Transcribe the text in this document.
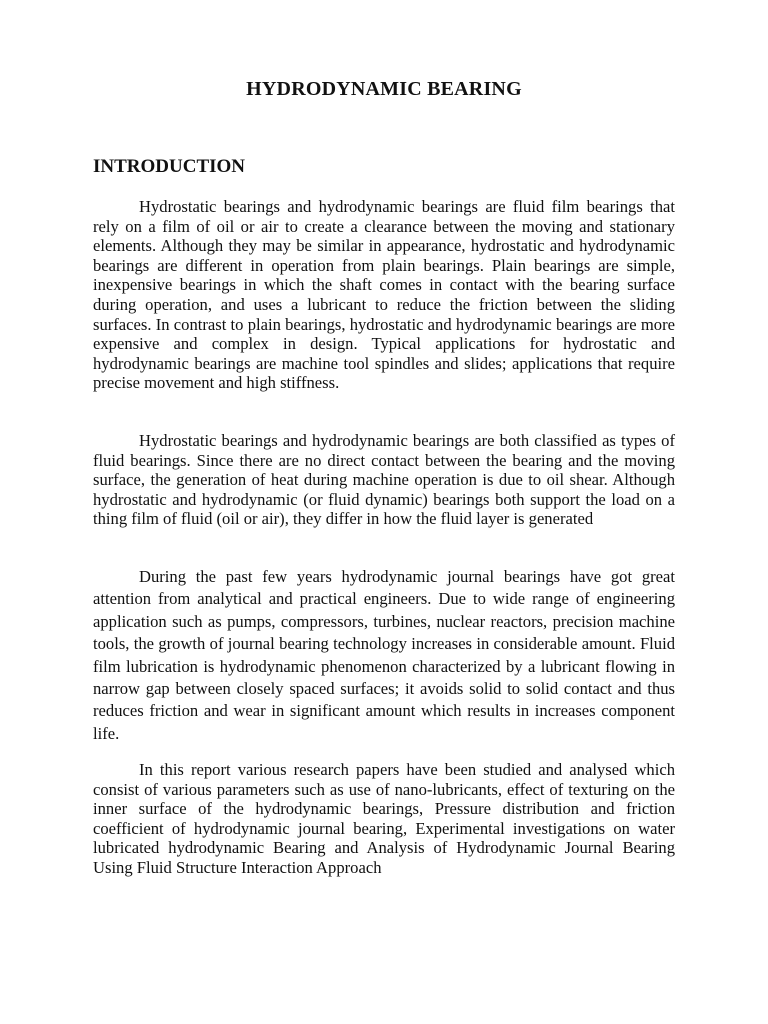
HYDRODYNAMIC BEARING
INTRODUCTION

Hydrostatic bearings and hydrodynamic bearings are fluid film bearings that rely on a film of oil or air to create a clearance between the moving and stationary elements. Although they may be similar in appearance, hydrostatic and hydrodynamic bearings are different in operation from plain bearings. Plain bearings are simple, inexpensive bearings in which the shaft comes in contact with the bearing surface during operation, and uses a lubricant to reduce the friction between the sliding surfaces. In contrast to plain bearings, hydrostatic and hydrodynamic bearings are more expensive and complex in design. Typical applications for hydrostatic and hydrodynamic bearings are machine tool spindles and slides; applications that require precise movement and high stiffness.

Hydrostatic bearings and hydrodynamic bearings are both classified as types of fluid bearings. Since there are no direct contact between the bearing and the moving surface, the generation of heat during machine operation is due to oil shear. Although hydrostatic and hydrodynamic (or fluid dynamic) bearings both support the load on a thing film of fluid (oil or air), they differ in how the fluid layer is generated

During the past few years hydrodynamic journal bearings have got great attention from analytical and practical engineers. Due to wide range of engineering application such as pumps, compressors, turbines, nuclear reactors, precision machine tools, the growth of journal bearing technology increases in considerable amount. Fluid film lubrication is hydrodynamic phenomenon characterized by a lubricant flowing in narrow gap between closely spaced surfaces; it avoids solid to solid contact and thus reduces friction and wear in significant amount which results in increases component life.

In this report various research papers have been studied and analysed which consist of various parameters such as use of nano-lubricants, effect of texturing on the inner surface of the hydrodynamic bearings, Pressure distribution and friction coefficient of hydrodynamic journal bearing, Experimental investigations on water lubricated hydrodynamic Bearing and Analysis of Hydrodynamic Journal Bearing Using Fluid Structure Interaction Approach
